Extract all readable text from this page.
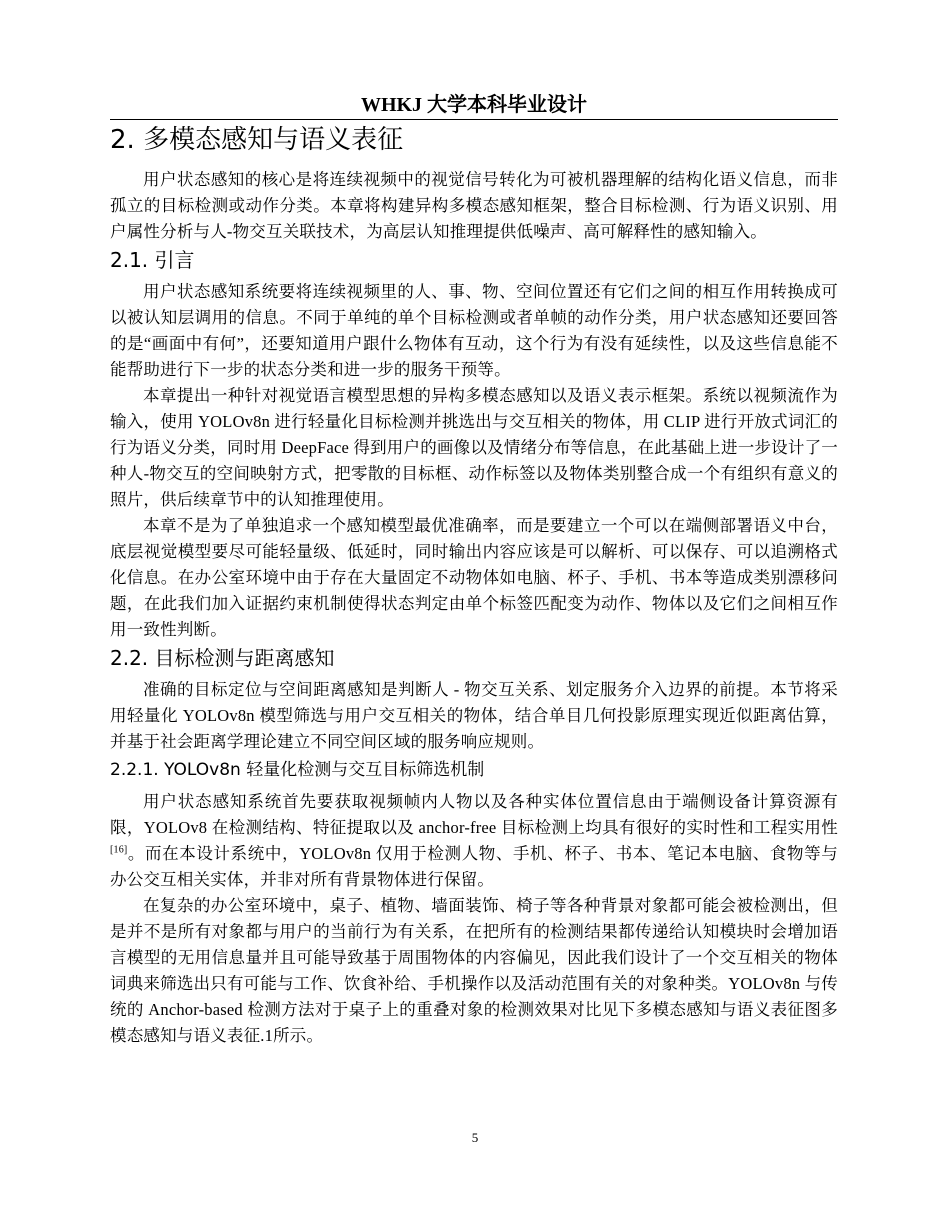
WHKJ 大学本科毕业设计
2. 多模态感知与语义表征

用户状态感知的核心是将连续视频中的视觉信号转化为可被机器理解的结构化语义信息，而非孤立的目标检测或动作分类。本章将构建异构多模态感知框架，整合目标检测、行为语义识别、用户属性分析与人-物交互关联技术，为高层认知推理提供低噪声、高可解释性的感知输入。

2.1. 引言

用户状态感知系统要将连续视频里的人、事、物、空间位置还有它们之间的相互作用转换成可以被认知层调用的信息。不同于单纯的单个目标检测或者单帧的动作分类，用户状态感知还要回答的是“画面中有何”，还要知道用户跟什么物体有互动，这个行为有没有延续性，以及这些信息能不能帮助进行下一步的状态分类和进一步的服务干预等。

本章提出一种针对视觉语言模型思想的异构多模态感知以及语义表示框架。系统以视频流作为输入，使用 YOLOv8n 进行轻量化目标检测并挑选出与交互相关的物体，用 CLIP 进行开放式词汇的行为语义分类，同时用 DeepFace 得到用户的画像以及情绪分布等信息，在此基础上进一步设计了一种人-物交互的空间映射方式，把零散的目标框、动作标签以及物体类别整合成一个有组织有意义的照片，供后续章节中的认知推理使用。

本章不是为了单独追求一个感知模型最优准确率，而是要建立一个可以在端侧部署语义中台，底层视觉模型要尽可能轻量级、低延时，同时输出内容应该是可以解析、可以保存、可以追溯格式化信息。在办公室环境中由于存在大量固定不动物体如电脑、杯子、手机、书本等造成类别漂移问题，在此我们加入证据约束机制使得状态判定由单个标签匹配变为动作、物体以及它们之间相互作用一致性判断。

2.2. 目标检测与距离感知

准确的目标定位与空间距离感知是判断人 - 物交互关系、划定服务介入边界的前提。本节将采用轻量化 YOLOv8n 模型筛选与用户交互相关的物体，结合单目几何投影原理实现近似距离估算，并基于社会距离学理论建立不同空间区域的服务响应规则。

2.2.1. YOLOv8n 轻量化检测与交互目标筛选机制

用户状态感知系统首先要获取视频帧内人物以及各种实体位置信息由于端侧设备计算资源有限，YOLOv8 在检测结构、特征提取以及 anchor-free 目标检测上均具有很好的实时性和工程实用性[16]。而在本设计系统中，YOLOv8n 仅用于检测人物、手机、杯子、书本、笔记本电脑、食物等与办公交互相关实体，并非对所有背景物体进行保留。

在复杂的办公室环境中，桌子、植物、墙面装饰、椅子等各种背景对象都可能会被检测出，但是并不是所有对象都与用户的当前行为有关系，在把所有的检测结果都传递给认知模块时会增加语言模型的无用信息量并且可能导致基于周围物体的内容偏见，因此我们设计了一个交互相关的物体词典来筛选出只有可能与工作、饮食补给、手机操作以及活动范围有关的对象种类。YOLOv8n 与传统的 Anchor-based 检测方法对于桌子上的重叠对象的检测效果对比见下多模态感知与语义表征图多模态感知与语义表征.1所示。

5
